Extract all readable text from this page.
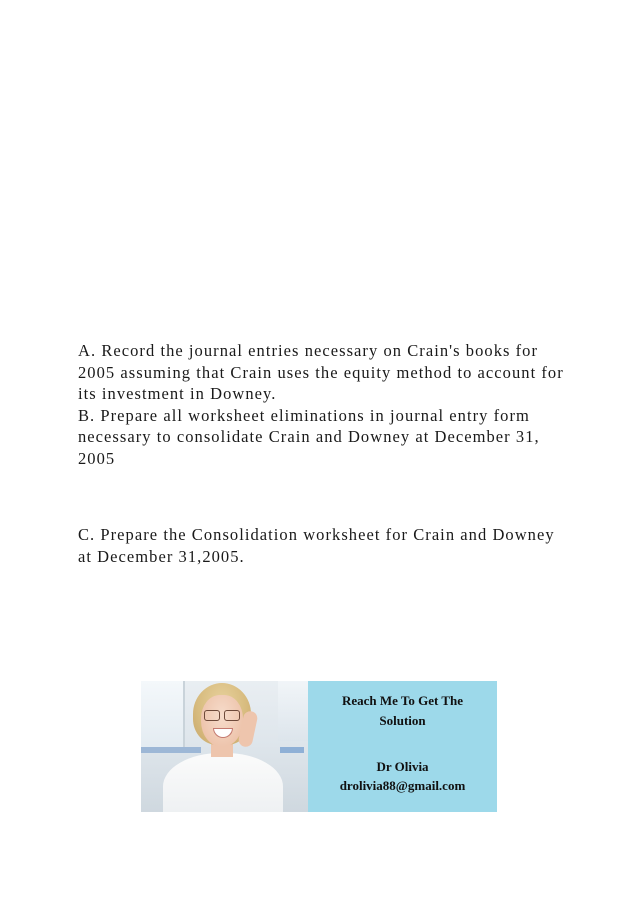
A. Record the journal entries necessary on Crain's books for
2005 assuming that Crain uses the equity method to account for
its investment in Downey.
B. Prepare all worksheet eliminations in journal entry form
necessary to consolidate Crain and Downey at December 31,
2005
C. Prepare the Consolidation worksheet for Crain and Downey
at December 31,2005.
Reach Me To Get The
Solution
Dr Olivia
drolivia88@gmail.com
